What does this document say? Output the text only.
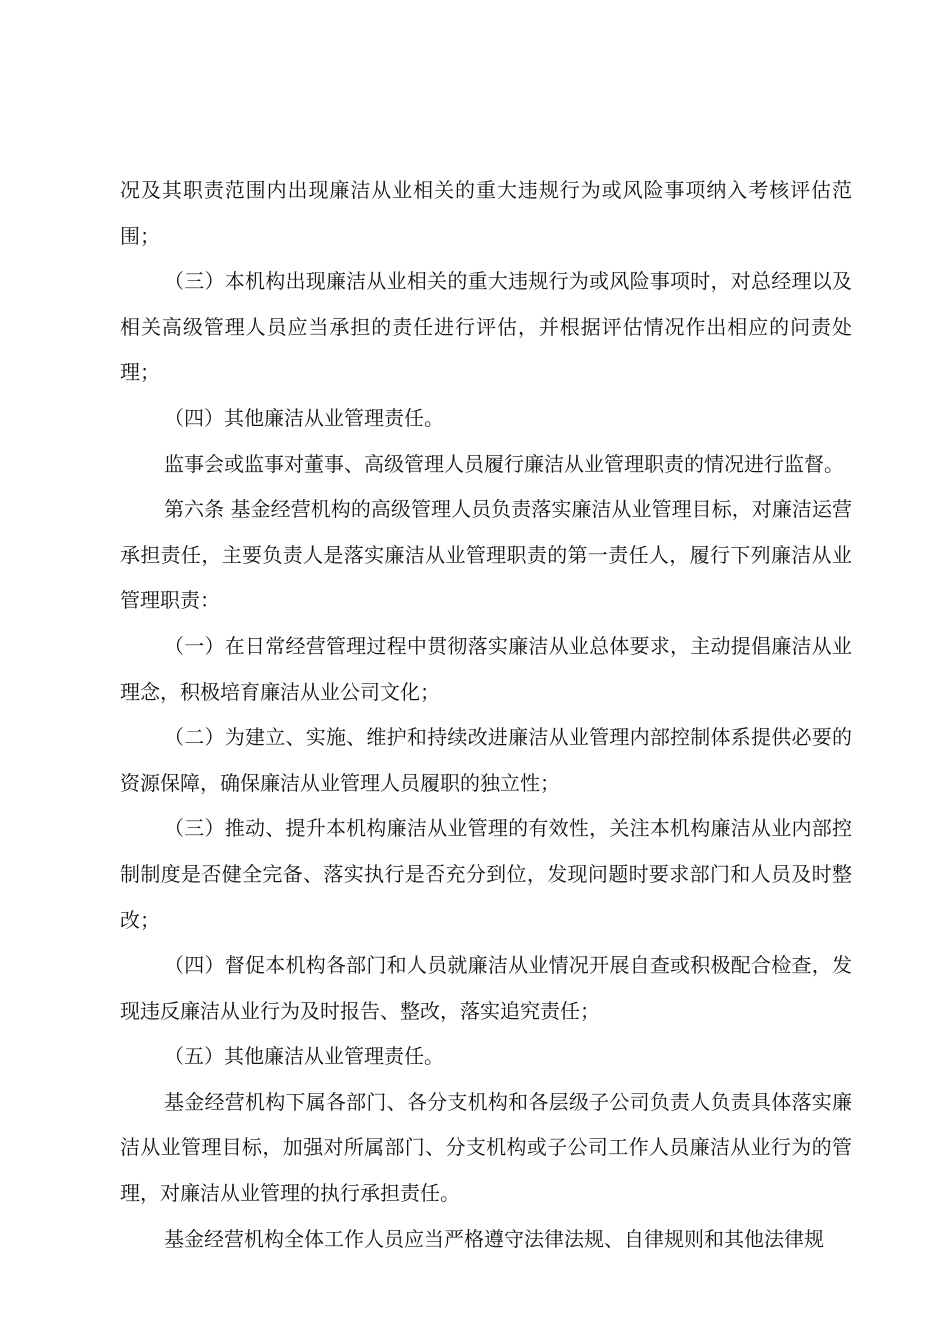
况及其职责范围内出现廉洁从业相关的重大违规行为或风险事项纳入考核评估范围；

（三）本机构出现廉洁从业相关的重大违规行为或风险事项时，对总经理以及相关高级管理人员应当承担的责任进行评估，并根据评估情况作出相应的问责处理；

（四）其他廉洁从业管理责任。

监事会或监事对董事、高级管理人员履行廉洁从业管理职责的情况进行监督。

第六条 基金经营机构的高级管理人员负责落实廉洁从业管理目标，对廉洁运营承担责任，主要负责人是落实廉洁从业管理职责的第一责任人，履行下列廉洁从业管理职责：

（一）在日常经营管理过程中贯彻落实廉洁从业总体要求，主动提倡廉洁从业理念，积极培育廉洁从业公司文化；

（二）为建立、实施、维护和持续改进廉洁从业管理内部控制体系提供必要的资源保障，确保廉洁从业管理人员履职的独立性；

（三）推动、提升本机构廉洁从业管理的有效性，关注本机构廉洁从业内部控制制度是否健全完备、落实执行是否充分到位，发现问题时要求部门和人员及时整改；

（四）督促本机构各部门和人员就廉洁从业情况开展自查或积极配合检查，发现违反廉洁从业行为及时报告、整改，落实追究责任；

（五）其他廉洁从业管理责任。

基金经营机构下属各部门、各分支机构和各层级子公司负责人负责具体落实廉洁从业管理目标，加强对所属部门、分支机构或子公司工作人员廉洁从业行为的管理，对廉洁从业管理的执行承担责任。

基金经营机构全体工作人员应当严格遵守法律法规、自律规则和其他法律规
